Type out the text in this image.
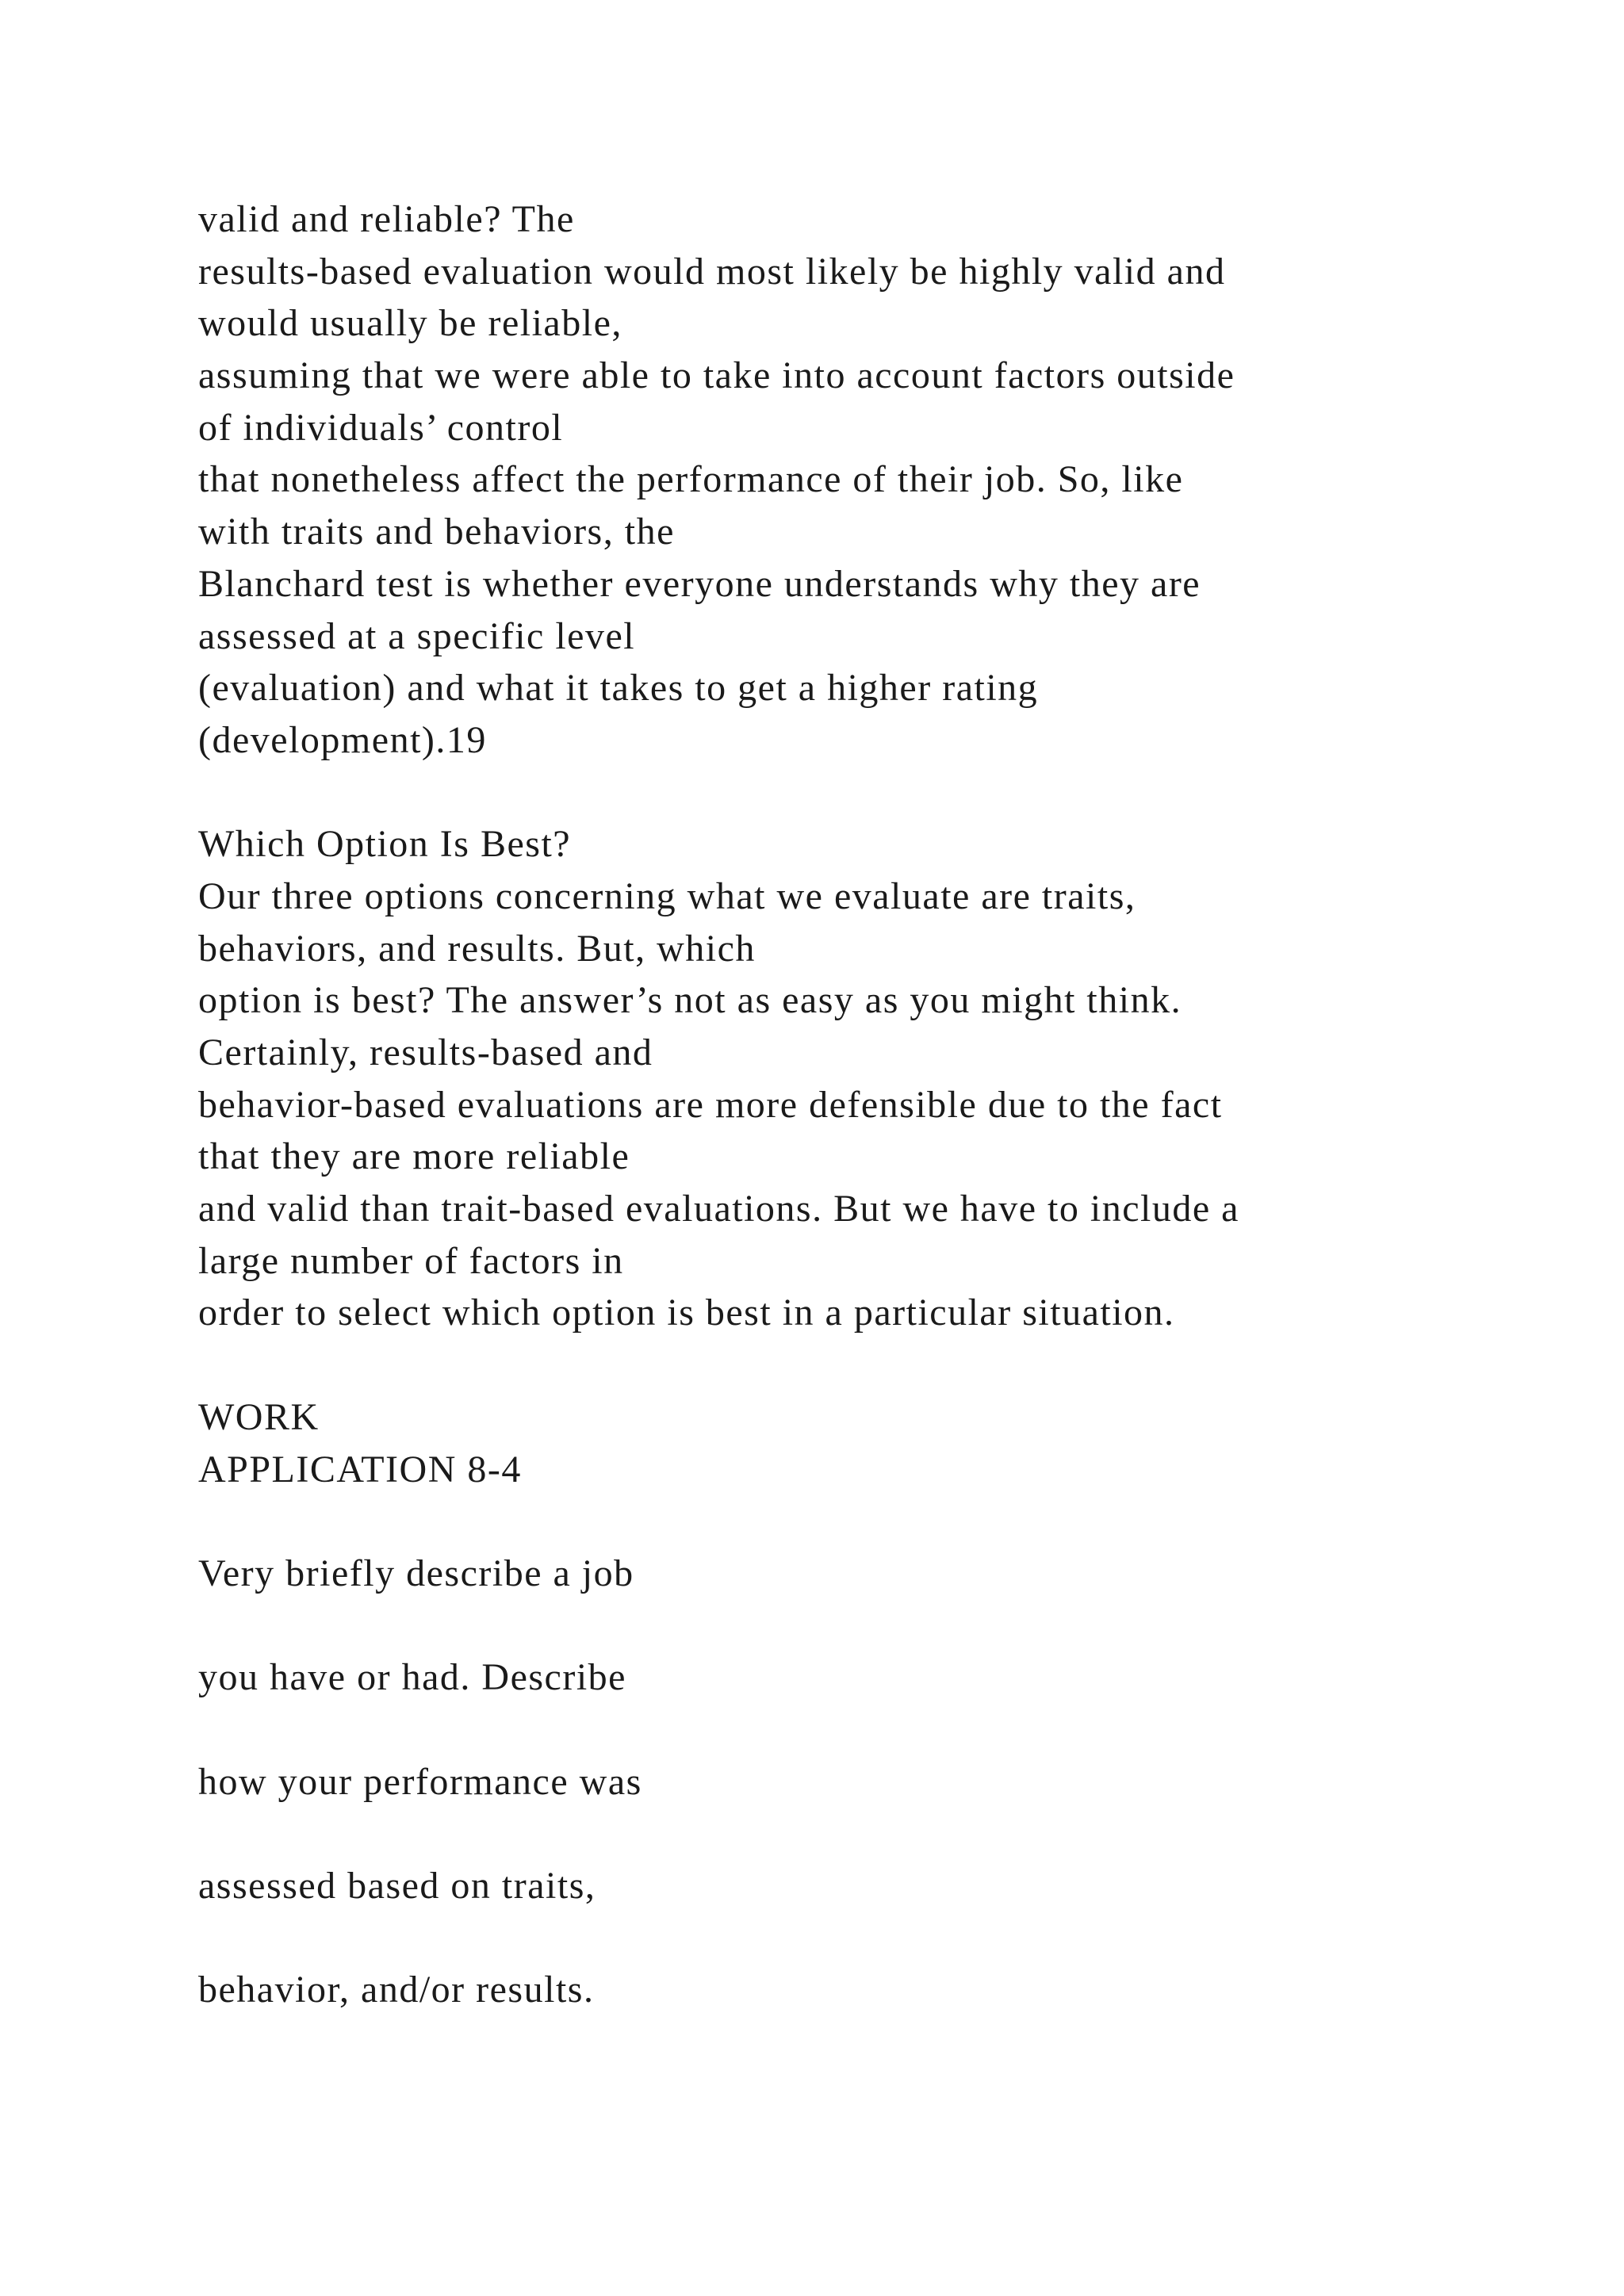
valid and reliable? The
results-based evaluation would most likely be highly valid and
would usually be reliable,
assuming that we were able to take into account factors outside
of individuals’ control
that nonetheless affect the performance of their job. So, like
with traits and behaviors, the
Blanchard test is whether everyone understands why they are
assessed at a specific level
(evaluation) and what it takes to get a higher rating
(development).19
Which Option Is Best?
Our three options concerning what we evaluate are traits,
behaviors, and results. But, which
option is best? The answer’s not as easy as you might think.
Certainly, results-based and
behavior-based evaluations are more defensible due to the fact
that they are more reliable
and valid than trait-based evaluations. But we have to include a
large number of factors in
order to select which option is best in a particular situation.
WORK
APPLICATION 8-4
Very briefly describe a job
you have or had. Describe
how your performance was
assessed based on traits,
behavior, and/or results.
